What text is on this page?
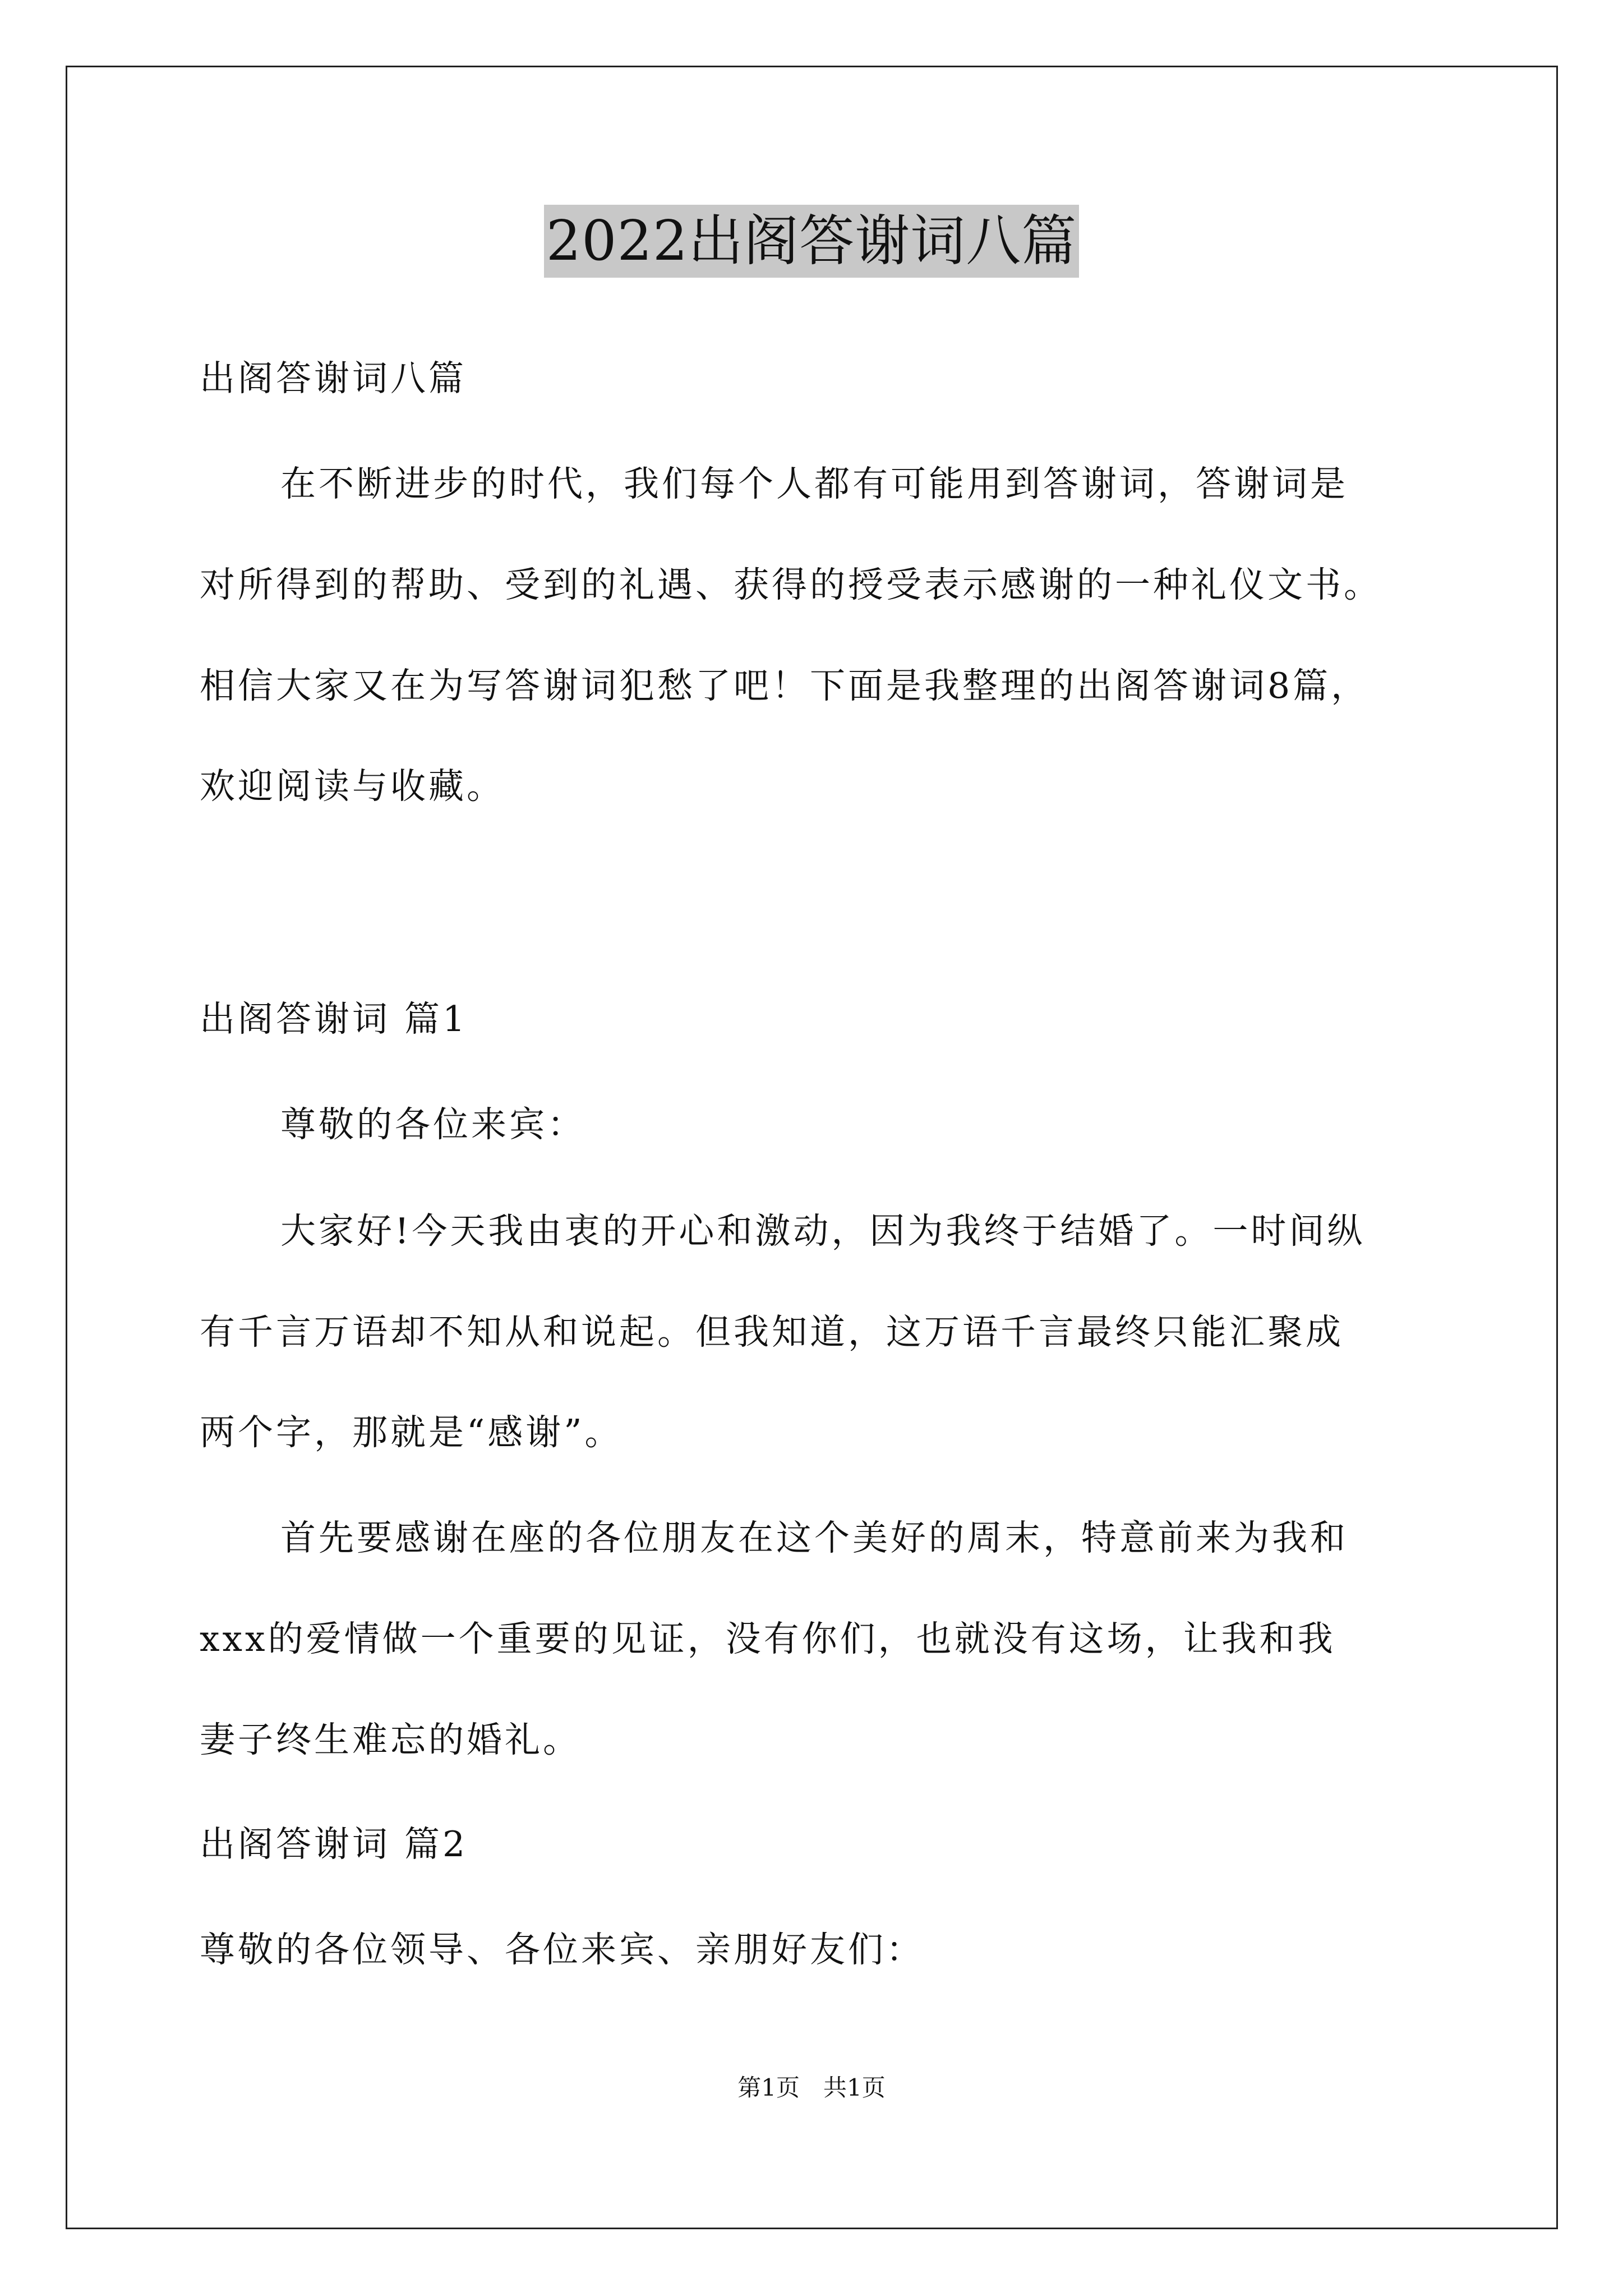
2022出阁答谢词八篇
出阁答谢词八篇
在不断进步的时代，我们每个人都有可能用到答谢词，答谢词是
对所得到的帮助、受到的礼遇、获得的授受表示感谢的一种礼仪文书。
相信大家又在为写答谢词犯愁了吧！下面是我整理的出阁答谢词8篇，
欢迎阅读与收藏。
出阁答谢词 篇1
尊敬的各位来宾：
大家好!今天我由衷的开心和激动，因为我终于结婚了。一时间纵
有千言万语却不知从和说起。但我知道，这万语千言最终只能汇聚成
两个字，那就是“感谢”。
首先要感谢在座的各位朋友在这个美好的周末，特意前来为我和
xxx的爱情做一个重要的见证，没有你们，也就没有这场，让我和我
妻子终生难忘的婚礼。
出阁答谢词 篇2
尊敬的各位领导、各位来宾、亲朋好友们：
第1页　共1页
